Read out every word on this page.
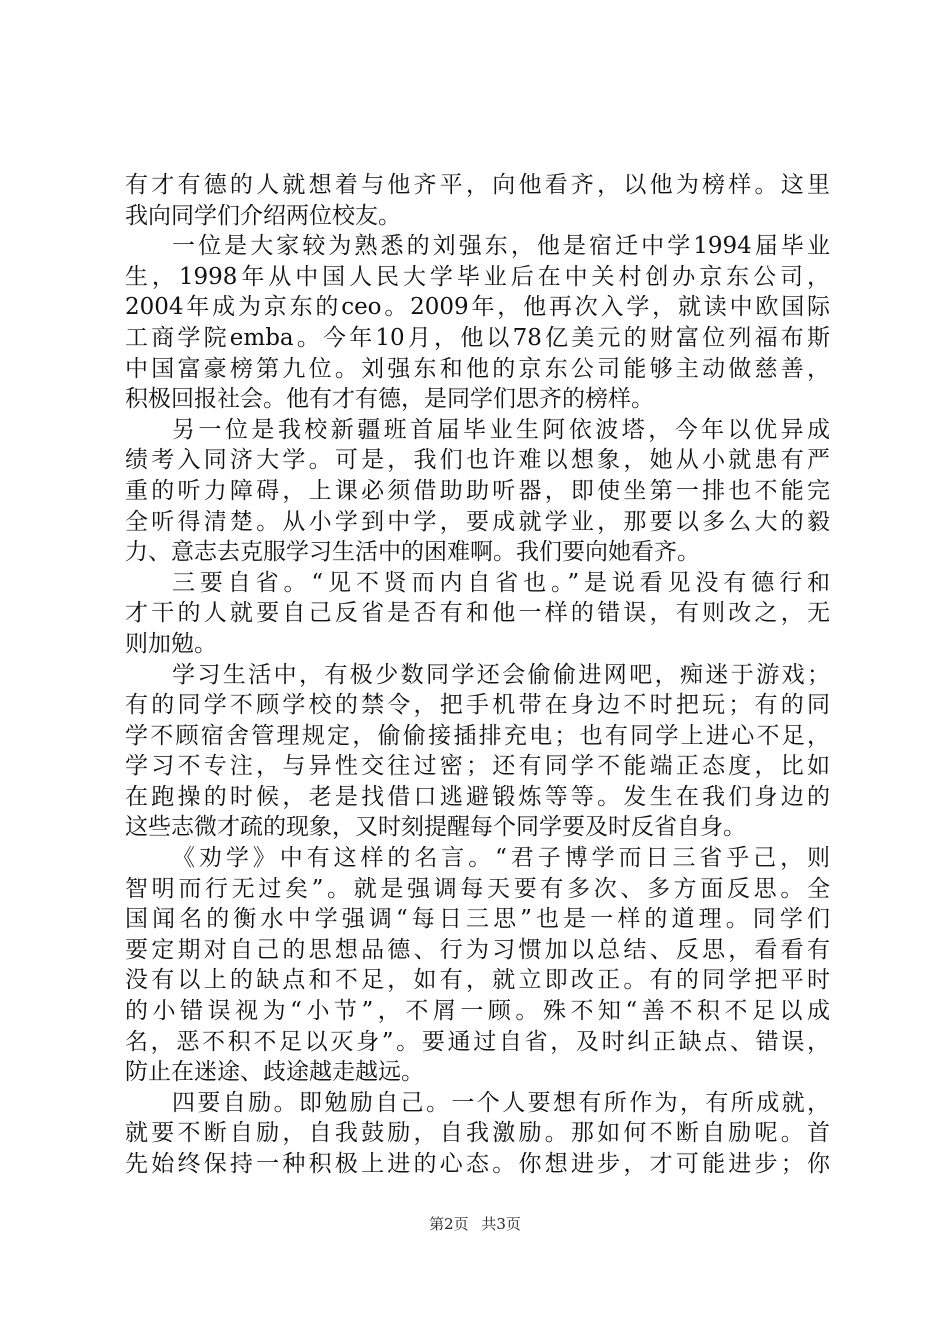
有才有德的人就想着与他齐平，向他看齐，以他为榜样。这里
我向同学们介绍两位校友。
一位是大家较为熟悉的刘强东，他是宿迁中学1994届毕业
生，1998年从中国人民大学毕业后在中关村创办京东公司，
2004年成为京东的ceo。2009年，他再次入学，就读中欧国际
工商学院emba。今年10月，他以78亿美元的财富位列福布斯
中国富豪榜第九位。刘强东和他的京东公司能够主动做慈善，
积极回报社会。他有才有德，是同学们思齐的榜样。
另一位是我校新疆班首届毕业生阿依波塔，今年以优异成
绩考入同济大学。可是，我们也许难以想象，她从小就患有严
重的听力障碍，上课必须借助助听器，即使坐第一排也不能完
全听得清楚。从小学到中学，要成就学业，那要以多么大的毅
力、意志去克服学习生活中的困难啊。我们要向她看齐。
三要自省。“见不贤而内自省也。”是说看见没有德行和
才干的人就要自己反省是否有和他一样的错误，有则改之，无
则加勉。
学习生活中，有极少数同学还会偷偷进网吧，痴迷于游戏；
有的同学不顾学校的禁令，把手机带在身边不时把玩；有的同
学不顾宿舍管理规定，偷偷接插排充电；也有同学上进心不足，
学习不专注，与异性交往过密；还有同学不能端正态度，比如
在跑操的时候，老是找借口逃避锻炼等等。发生在我们身边的
这些志微才疏的现象，又时刻提醒每个同学要及时反省自身。
《劝学》中有这样的名言。“君子博学而日三省乎己，则
智明而行无过矣”。就是强调每天要有多次、多方面反思。全
国闻名的衡水中学强调“每日三思”也是一样的道理。同学们
要定期对自己的思想品德、行为习惯加以总结、反思，看看有
没有以上的缺点和不足，如有，就立即改正。有的同学把平时
的小错误视为“小节”，不屑一顾。殊不知“善不积不足以成
名，恶不积不足以灭身”。要通过自省，及时纠正缺点、错误，
防止在迷途、歧途越走越远。
四要自励。即勉励自己。一个人要想有所作为，有所成就，
就要不断自励，自我鼓励，自我激励。那如何不断自励呢。首
先始终保持一种积极上进的心态。你想进步，才可能进步；你
第2页 共3页
